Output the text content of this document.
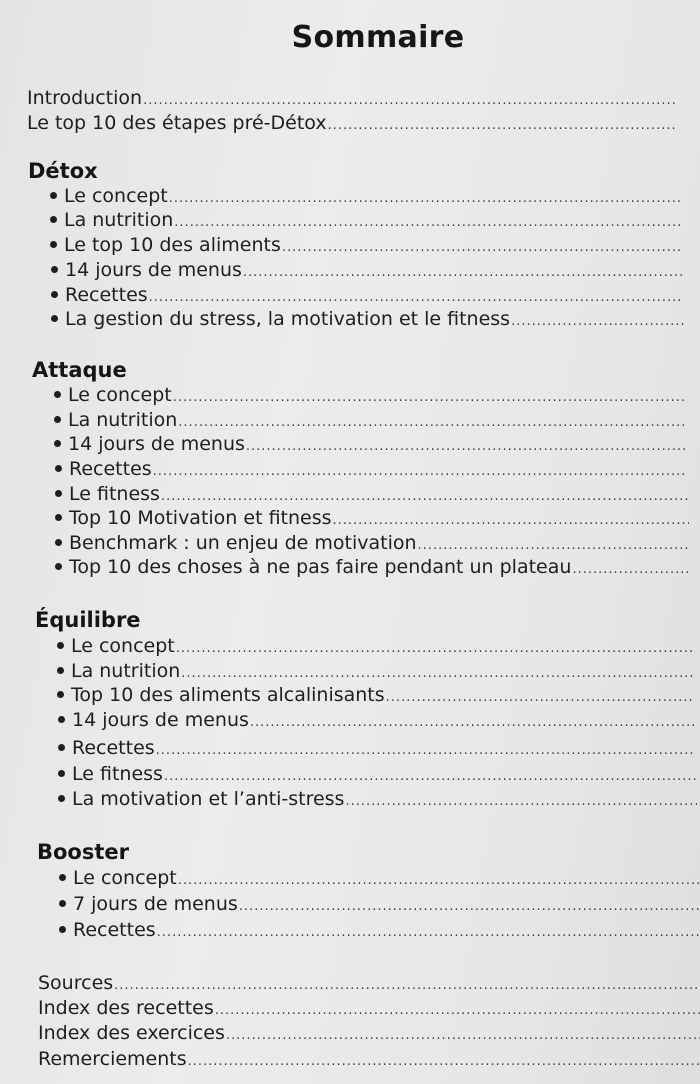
Sommaire
Introduction
.....
Le top 10 des étapes pré-Détox
.....
Détox
Le concept
.....
La nutrition
.....
Le top 10 des aliments
.....
14 jours de menus
.....
Recettes
.....
La gestion du stress, la motivation et le fitness
.....
Attaque
Le concept
.....
La nutrition
.....
14 jours de menus
.....
Recettes
.....
Le fitness
.....
Top 10 Motivation et fitness
.....
Benchmark : un enjeu de motivation
.....
Top 10 des choses à ne pas faire pendant un plateau
.....
Équilibre
Le concept
.....
La nutrition
.....
Top 10 des aliments alcalinisants
.....
14 jours de menus
.....
Recettes
.....
Le fitness
.....
La motivation et l’anti-stress
.....
Booster
Le concept
.....
7 jours de menus
.....
Recettes
.....
Sources
.....
Index des recettes
.....
Index des exercices
.....
Remerciements
.....
